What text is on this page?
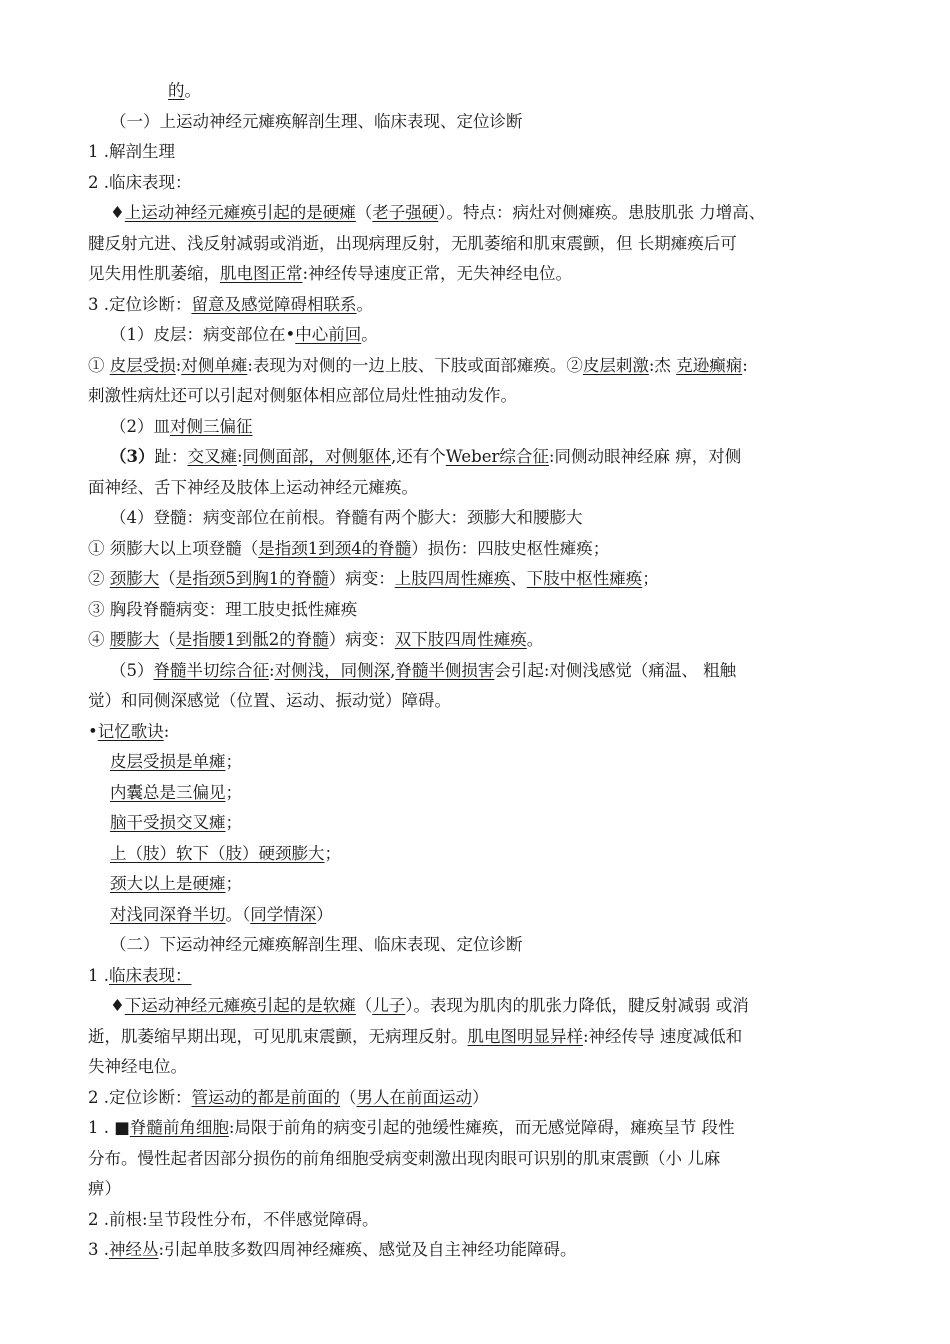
的。
（一）上运动神经元瘫痪解剖生理、临床表现、定位诊断
1 .解剖生理
2 .临床表现：
♦上运动神经元瘫痪引起的是硬瘫（老子强硬）。特点：病灶对侧瘫痪。患肢肌张 力增高、
腱反射亢进、浅反射减弱或消逝，出现病理反射，无肌萎缩和肌束震颤，但 长期瘫痪后可
见失用性肌萎缩，肌电图正常:神经传导速度正常，无失神经电位。
3 .定位诊断：留意及感觉障碍相联系。
（1）皮层：病变部位在•中心前回。
① 皮层受损:对侧单瘫:表现为对侧的一边上肢、下肢或面部瘫痪。②皮层刺激:杰 克逊癫痫:
刺激性病灶还可以引起对侧躯体相应部位局灶性抽动发作。
（2）皿对侧三偏征
（3）趾：交叉瘫:同侧面部，对侧躯体,还有个Weber综合征:同侧动眼神经麻 痹，对侧
面神经、舌下神经及肢体上运动神经元瘫痪。
（4）登髓：病变部位在前根。脊髓有两个膨大：颈膨大和腰膨大
① 须膨大以上项登髓（是指颈1到颈4的脊髓）损伤：四肢史枢性瘫痪；
② 颈膨大（是指颈5到胸1的脊髓）病变：上肢四周性瘫痪、下肢中枢性瘫痪；
③ 胸段脊髓病变：理工肢史抵性瘫痪
④ 腰膨大（是指腰1到骶2的脊髓）病变：双下肢四周性瘫痪。
（5）脊髓半切综合征:对侧浅，同侧深,脊髓半侧损害会引起:对侧浅感觉（痛温、 粗触
觉）和同侧深感觉（位置、运动、振动觉）障碍。
•记忆歌诀:
皮层受损是单瘫；
内囊总是三偏见；
脑干受损交叉瘫；
上（肢）软下（肢）硬颈膨大；
颈大以上是硬瘫；
对浅同深脊半切。（同学情深）
（二）下运动神经元瘫痪解剖生理、临床表现、定位诊断
1 .临床表现：
♦下运动神经元瘫痪引起的是软瘫（儿子）。表现为肌肉的肌张力降低，腱反射减弱 或消
逝，肌萎缩早期出现，可见肌束震颤，无病理反射。肌电图明显异样:神经传导 速度减低和
失神经电位。
2 .定位诊断：管运动的都是前面的（男人在前面运动）
1 . ■脊髓前角细胞:局限于前角的病变引起的弛缓性瘫痪，而无感觉障碍，瘫痪呈节 段性
分布。慢性起者因部分损伤的前角细胞受病变刺激出现肉眼可识别的肌束震颤（小 儿麻
痹）
2 .前根:呈节段性分布，不伴感觉障碍。
3 .神经丛:引起单肢多数四周神经瘫痪、感觉及自主神经功能障碍。
